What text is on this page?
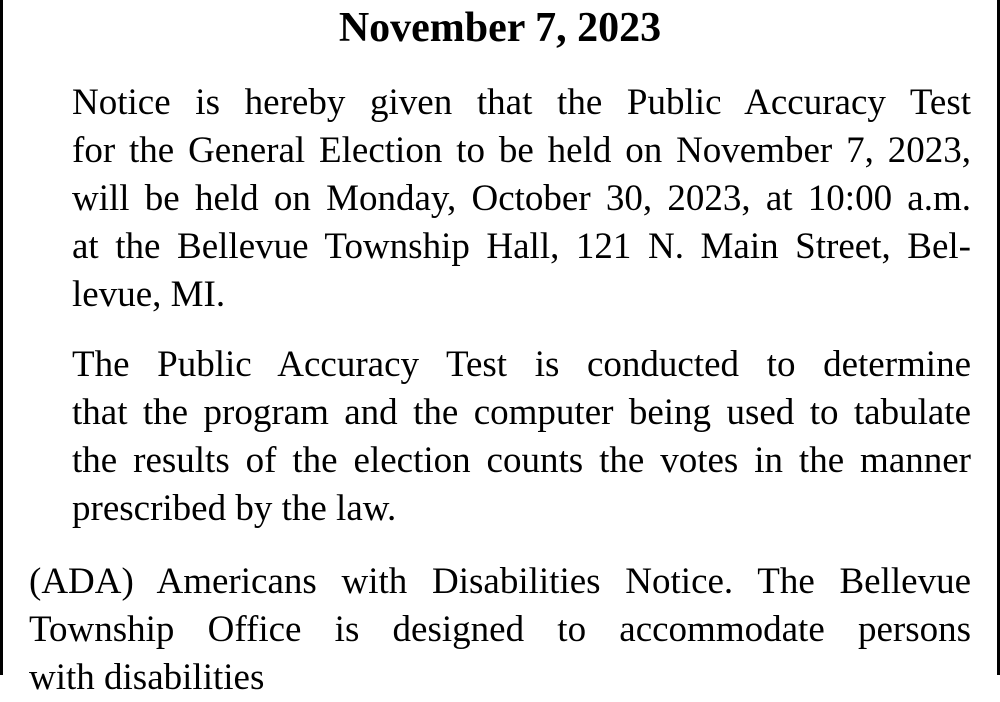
November 7, 2023

Notice is hereby given that the Public Accuracy Test
for the General Election to be held on November 7, 2023,
will be held on Monday, October 30, 2023, at 10:00 a.m.
at the Bellevue Township Hall, 121 N. Main Street, Bel-
levue, MI.

The Public Accuracy Test is conducted to determine
that the program and the computer being used to tabulate
the results of the election counts the votes in the manner
prescribed by the law.

(ADA) Americans with Disabilities Notice. The Bellevue
Township Office is designed to accommodate persons
with disabilities
